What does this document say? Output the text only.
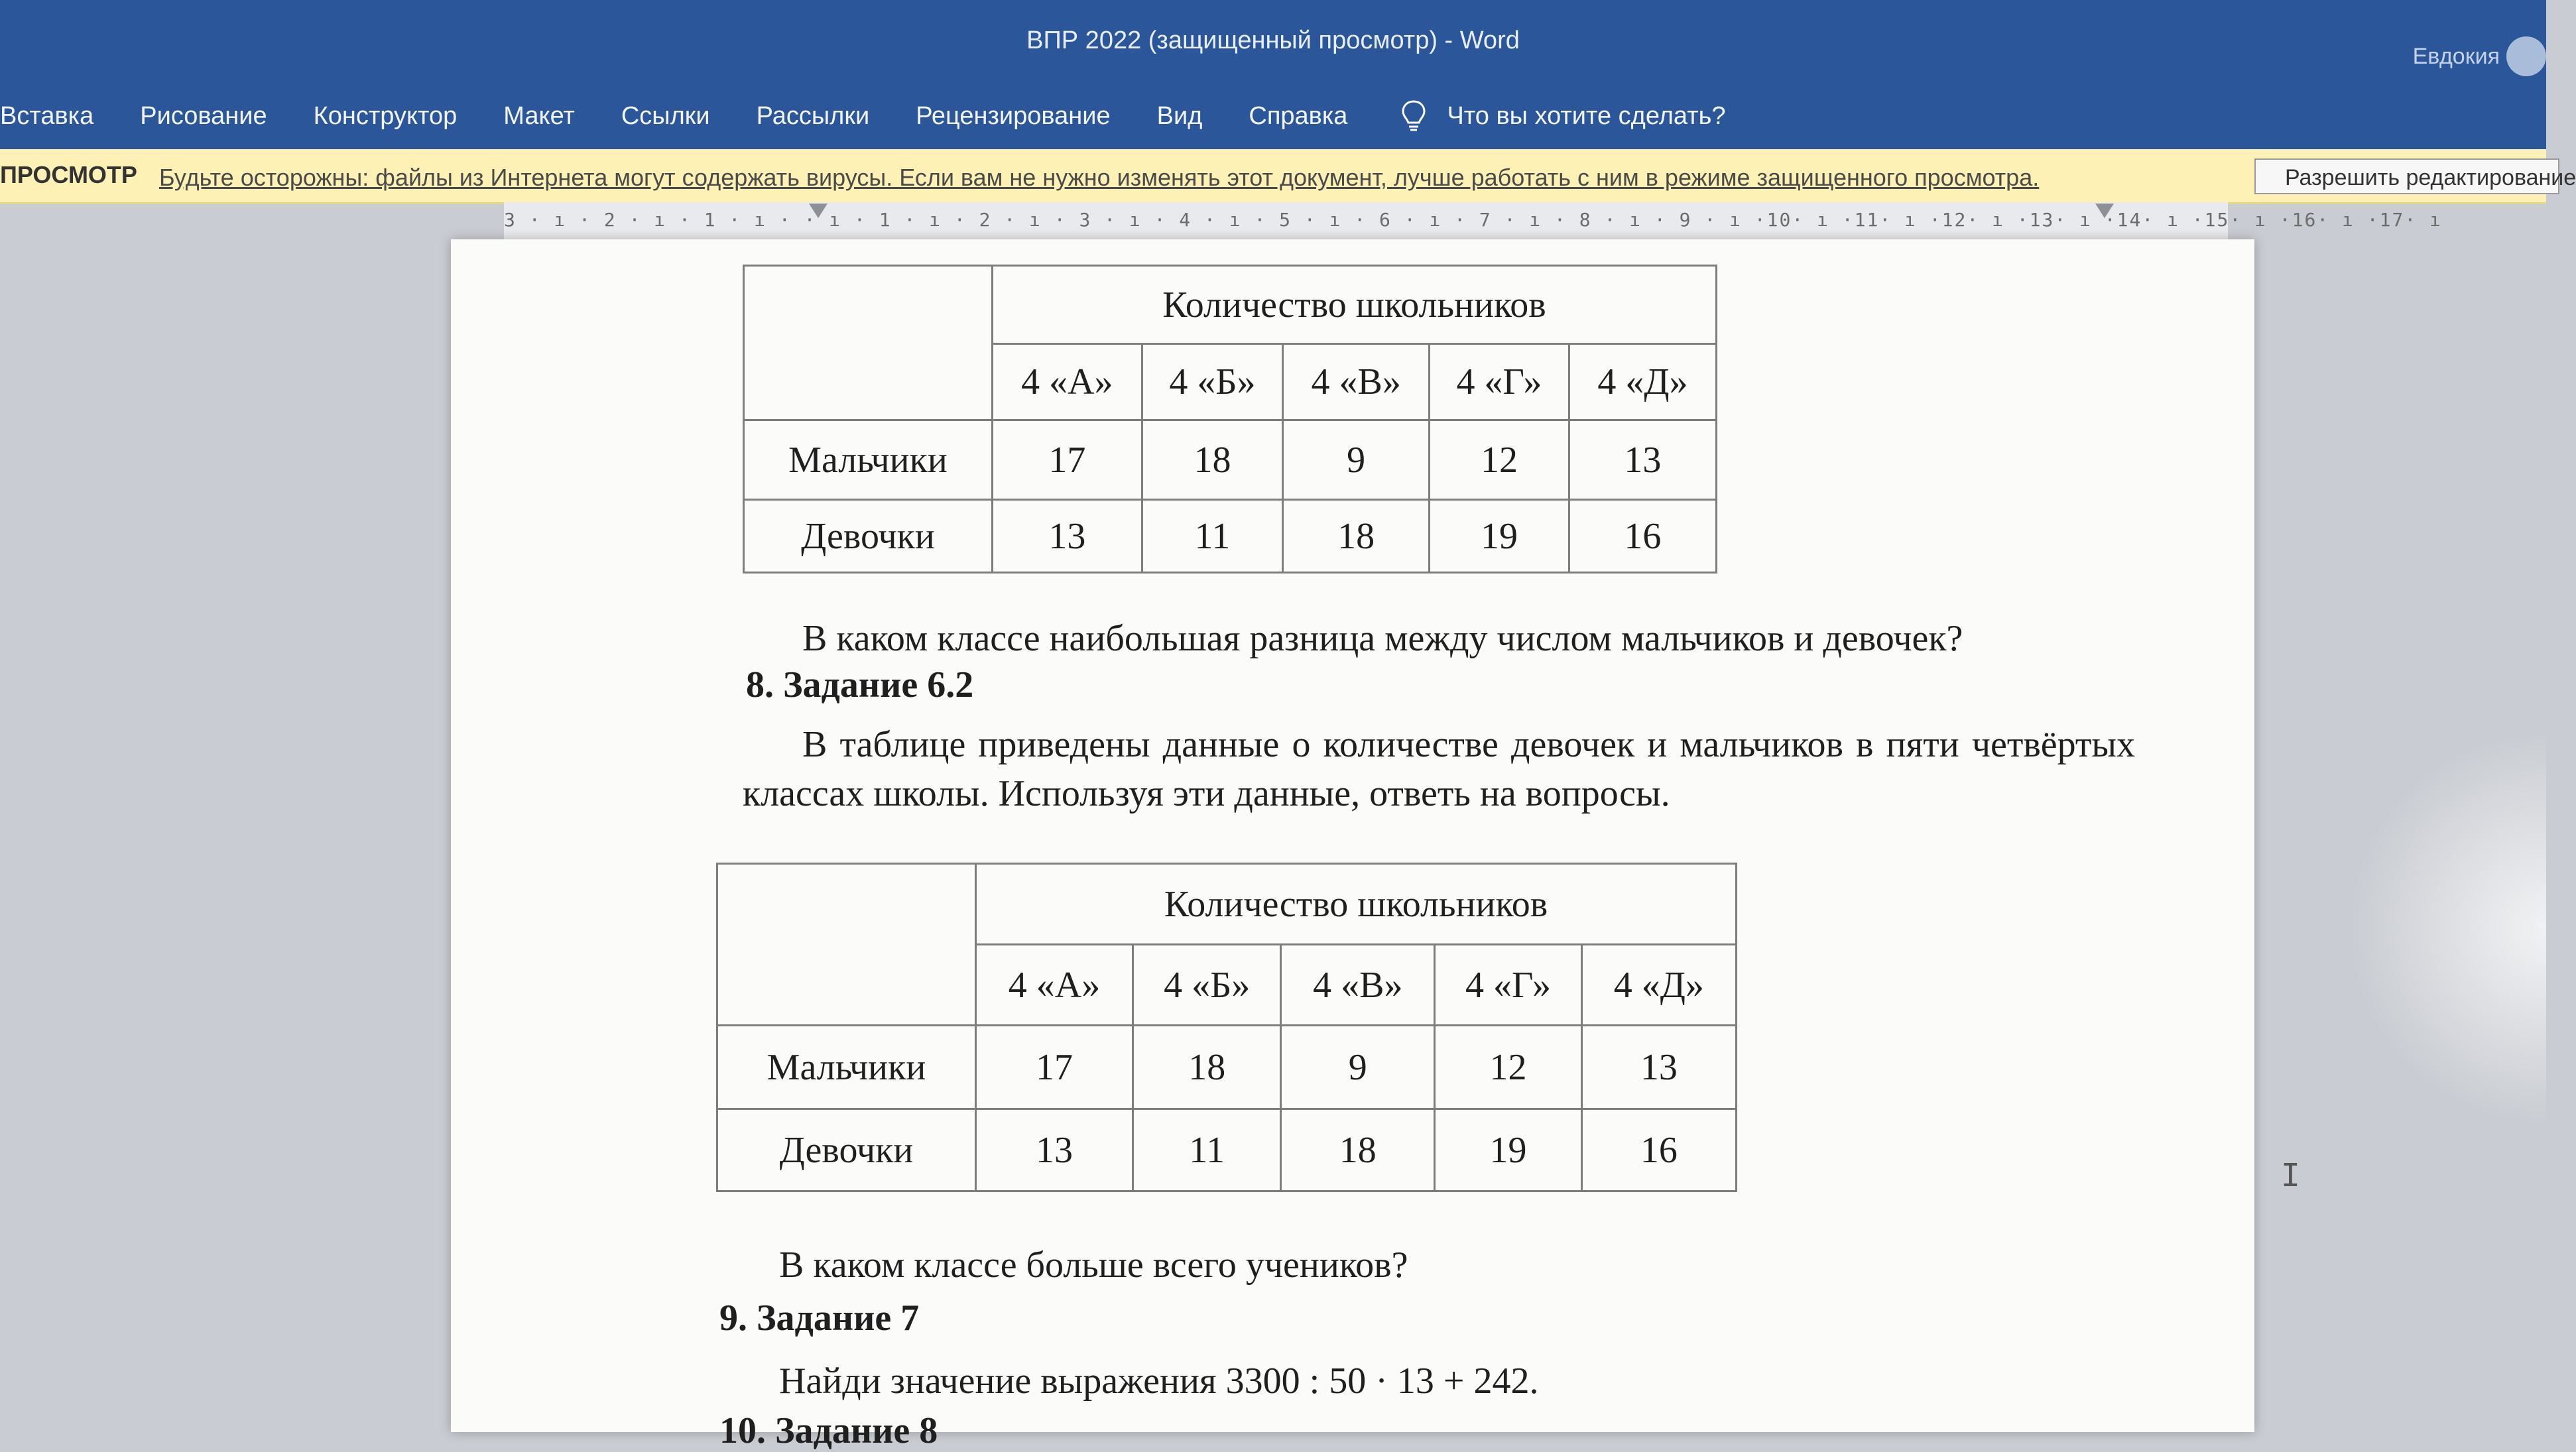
ВПР 2022 (защищенный просмотр) - Word
Евдокия
Вставка Рисование Конструктор Макет Ссылки Рассылки Рецензирование Вид Справка	Что вы хотите сделать?
ПРОСМОТР Будьте осторожны: файлы из Интернета могут содержать вирусы. Если вам не нужно изменять этот документ, лучше работать с ним в режиме защищенного просмотра.	Разрешить редактирование
3 · ı · 2 · ı · 1 · ı · · ı · 1 · ı · 2 · ı · 3 · ı · 4 · ı · 5 · ı · 6 · ı · 7 · ı · 8 · ı · 9 · ı ·10· ı ·11· ı ·12· ı ·13· ı ·14· ı ·15· ı ·16· ı ·17· ı
	Количество школьников				
	4 «А»	4 «Б»	4 «В»	4 «Г»	4 «Д»
Мальчики	17	18	9	12	13
Девочки	13	11	18	19	16
В каком классе наибольшая разница между числом мальчиков и девочек?
8. Задание 6.2
В таблице приведены данные о количестве девочек и мальчиков в пяти четвёртых классах школы. Используя эти данные, ответь на вопросы.
	Количество школьников				
	4 «А»	4 «Б»	4 «В»	4 «Г»	4 «Д»
Мальчики	17	18	9	12	13
Девочки	13	11	18	19	16
В каком классе больше всего учеников?
9. Задание 7
Найди значение выражения 3300 : 50 · 13 + 242.
10. Задание 8
I
